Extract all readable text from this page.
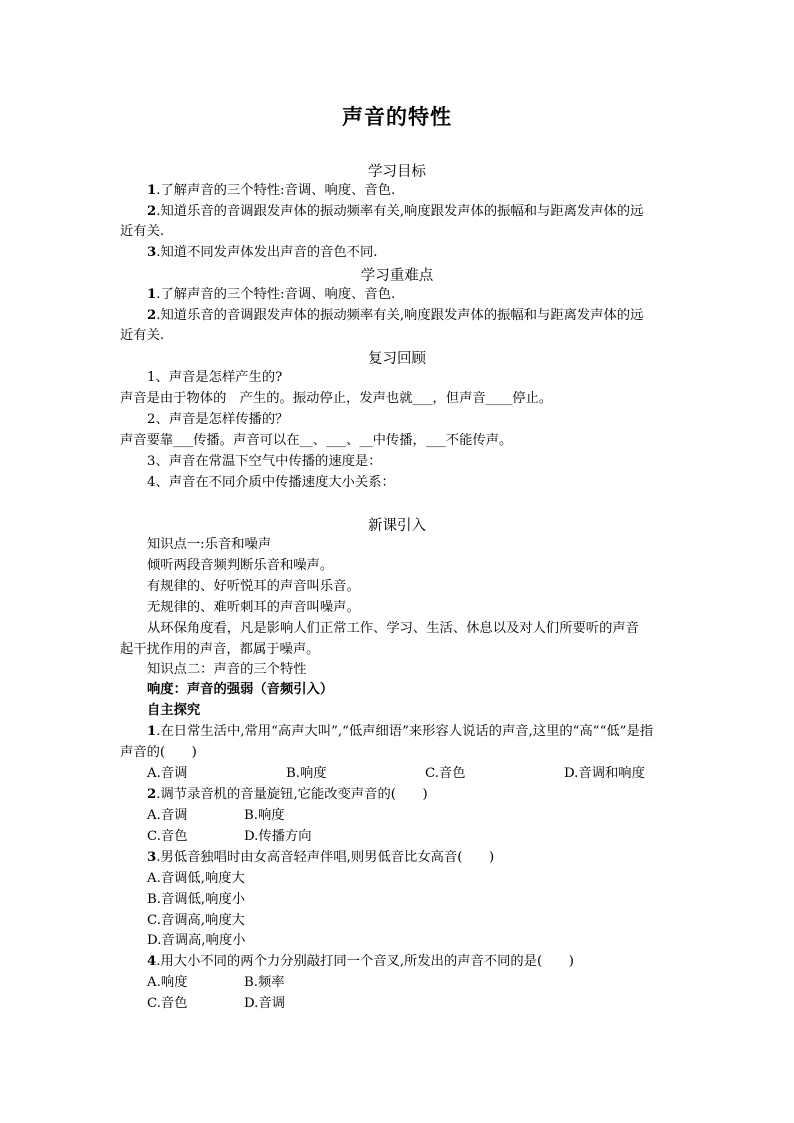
声音的特性
学习目标
1.了解声音的三个特性:音调、响度、音色.
2.知道乐音的音调跟发声体的振动频率有关,响度跟发声体的振幅和与距离发声体的远
近有关.
3.知道不同发声体发出声音的音色不同.
学习重难点
1.了解声音的三个特性:音调、响度、音色.
2.知道乐音的音调跟发声体的振动频率有关,响度跟发声体的振幅和与距离发声体的远
近有关.
复习回顾
1、声音是怎样产生的?
声音是由于物体的　产生的。振动停止，发声也就___，但声音____停止。
2、声音是怎样传播的？
声音要靠___传播。声音可以在__、___、__中传播，___不能传声。
3、声音在常温下空气中传播的速度是：
4、声音在不同介质中传播速度大小关系：
新课引入
知识点一:乐音和噪声
倾听两段音频判断乐音和噪声。
有规律的、好听悦耳的声音叫乐音。
无规律的、难听刺耳的声音叫噪声。
从环保角度看，凡是影响人们正常工作、学习、生活、休息以及对人们所要听的声音
起干扰作用的声音，都属于噪声。
知识点二：声音的三个特性
响度：声音的强弱（音频引入）
自主探究
1.在日常生活中,常用“高声大叫”,“低声细语”来形容人说话的声音,这里的“高”“低”是指
声音的(　　)
A.音调	B.响度	C.音色	D.音调和响度
2.调节录音机的音量旋钮,它能改变声音的(　　)
A.音调	B.响度
C.音色	D.传播方向
3.男低音独唱时由女高音轻声伴唱,则男低音比女高音(　　)
A.音调低,响度大
B.音调低,响度小
C.音调高,响度大
D.音调高,响度小
4.用大小不同的两个力分别敲打同一个音叉,所发出的声音不同的是(　　)
A.响度	B.频率
C.音色	D.音调
